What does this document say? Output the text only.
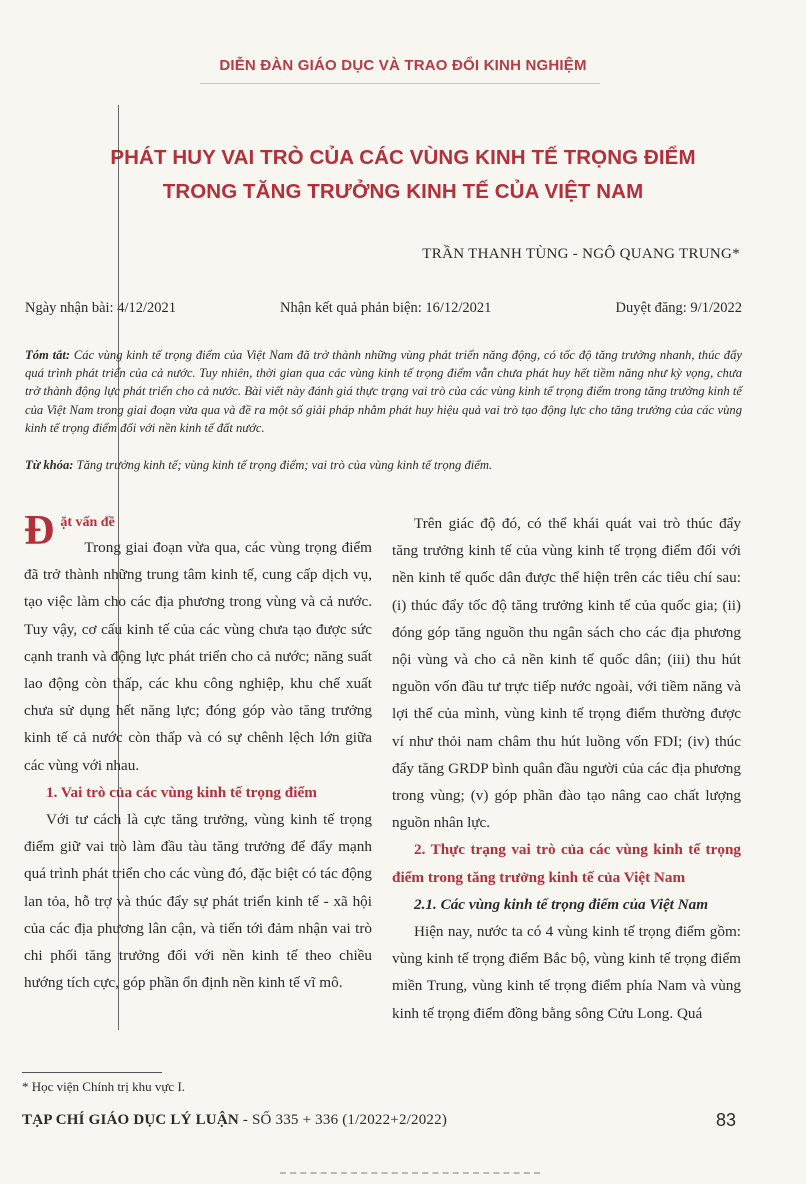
DIỄN ĐÀN GIÁO DỤC VÀ TRAO ĐỔI KINH NGHIỆM
PHÁT HUY VAI TRÒ CỦA CÁC VÙNG KINH TẾ TRỌNG ĐIỂM
TRONG TĂNG TRƯỞNG KINH TẾ CỦA VIỆT NAM
TRẦN THANH TÙNG - NGÔ QUANG TRUNG*
Ngày nhận bài: 4/12/2021	Nhận kết quả phản biện: 16/12/2021	Duyệt đăng: 9/1/2022
Tóm tắt: Các vùng kinh tế trọng điểm của Việt Nam đã trở thành những vùng phát triển năng động, có tốc độ tăng trưởng nhanh, thúc đẩy quá trình phát triển của cả nước. Tuy nhiên, thời gian qua các vùng kinh tế trọng điểm vẫn chưa phát huy hết tiềm năng như kỳ vọng, chưa trở thành động lực phát triển cho cả nước. Bài viết này đánh giá thực trạng vai trò của các vùng kinh tế trọng điểm trong tăng trưởng kinh tế của Việt Nam trong giai đoạn vừa qua và đề ra một số giải pháp nhằm phát huy hiệu quả vai trò tạo động lực cho tăng trưởng của các vùng kinh tế trọng điểm đối với nền kinh tế đất nước.
Từ khóa: Tăng trưởng kinh tế; vùng kinh tế trọng điểm; vai trò của vùng kinh tế trọng điểm.
Đ ặt vấn đề

Trong giai đoạn vừa qua, các vùng trọng điểm đã trở thành những trung tâm kinh tế, cung cấp dịch vụ, tạo việc làm cho các địa phương trong vùng và cả nước. Tuy vậy, cơ cấu kinh tế của các vùng chưa tạo được sức cạnh tranh và động lực phát triển cho cả nước; năng suất lao động còn thấp, các khu công nghiệp, khu chế xuất chưa sử dụng hết năng lực; đóng góp vào tăng trưởng kinh tế cả nước còn thấp và có sự chênh lệch lớn giữa các vùng với nhau.

1. Vai trò của các vùng kinh tế trọng điểm

Với tư cách là cực tăng trưởng, vùng kinh tế trọng điểm giữ vai trò làm đầu tàu tăng trưởng để đẩy mạnh quá trình phát triển cho các vùng đó, đặc biệt có tác động lan tỏa, hỗ trợ và thúc đẩy sự phát triển kinh tế - xã hội của các địa phương lân cận, và tiến tới đảm nhận vai trò chi phối tăng trưởng đối với nền kinh tế theo chiều hướng tích cực, góp phần ổn định nền kinh tế vĩ mô.

Trên giác độ đó, có thể khái quát vai trò thúc đẩy tăng trưởng kinh tế của vùng kinh tế trọng điểm đối với nền kinh tế quốc dân được thể hiện trên các tiêu chí sau: (i) thúc đẩy tốc độ tăng trưởng kinh tế của quốc gia; (ii) đóng góp tăng nguồn thu ngân sách cho các địa phương nội vùng và cho cả nền kinh tế quốc dân; (iii) thu hút nguồn vốn đầu tư trực tiếp nước ngoài, với tiềm năng và lợi thế của mình, vùng kinh tế trọng điểm thường được ví như thỏi nam châm thu hút luồng vốn FDI; (iv) thúc đẩy tăng GRDP bình quân đầu người của các địa phương trong vùng; (v) góp phần đào tạo nâng cao chất lượng nguồn nhân lực.

2. Thực trạng vai trò của các vùng kinh tế trọng điểm trong tăng trưởng kinh tế của Việt Nam

2.1. Các vùng kinh tế trọng điểm của Việt Nam

Hiện nay, nước ta có 4 vùng kinh tế trọng điểm gồm: vùng kinh tế trọng điểm Bắc bộ, vùng kinh tế trọng điểm miền Trung, vùng kinh tế trọng điểm phía Nam và vùng kinh tế trọng điểm đồng bằng sông Cửu Long. Quá

* Học viện Chính trị khu vực I.
TẠP CHÍ GIÁO DỤC LÝ LUẬN - SỐ 335 + 336 (1/2022+2/2022)	83
